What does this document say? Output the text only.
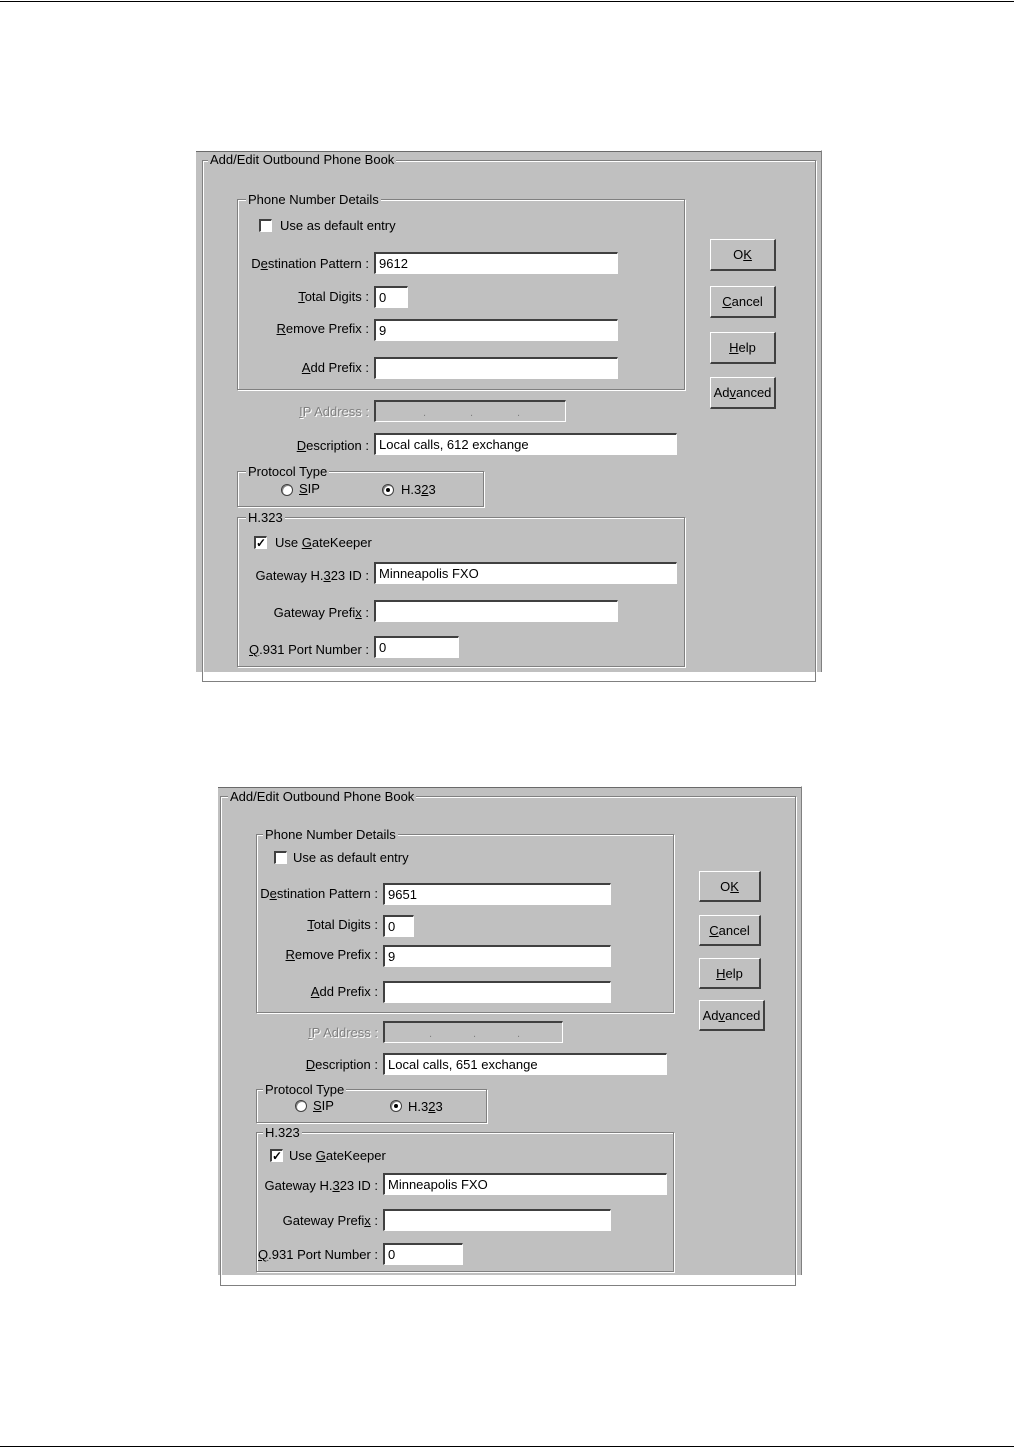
Add/Edit Outbound Phone Book
Phone Number Details
Use as default entry
Destination Pattern : 9612
Total Digits : 0
Remove Prefix : 9
Add Prefix :
IP Address :	.	.	.
Description : Local calls, 612 exchange
Protocol Type
SIP	H.323
H.323
✓ Use GateKeeper
Gateway H.323 ID : Minneapolis FXO
Gateway Prefix :
Q.931 Port Number : 0
OK
Cancel
Help
Advanced
Add/Edit Outbound Phone Book
Phone Number Details
Use as default entry
Destination Pattern : 9651
Total Digits : 0
Remove Prefix : 9
Add Prefix :
IP Address :	.	.	.
Description : Local calls, 651 exchange
Protocol Type
SIP	H.323
H.323
✓ Use GateKeeper
Gateway H.323 ID : Minneapolis FXO
Gateway Prefix :
Q.931 Port Number : 0
OK
Cancel
Help
Advanced
